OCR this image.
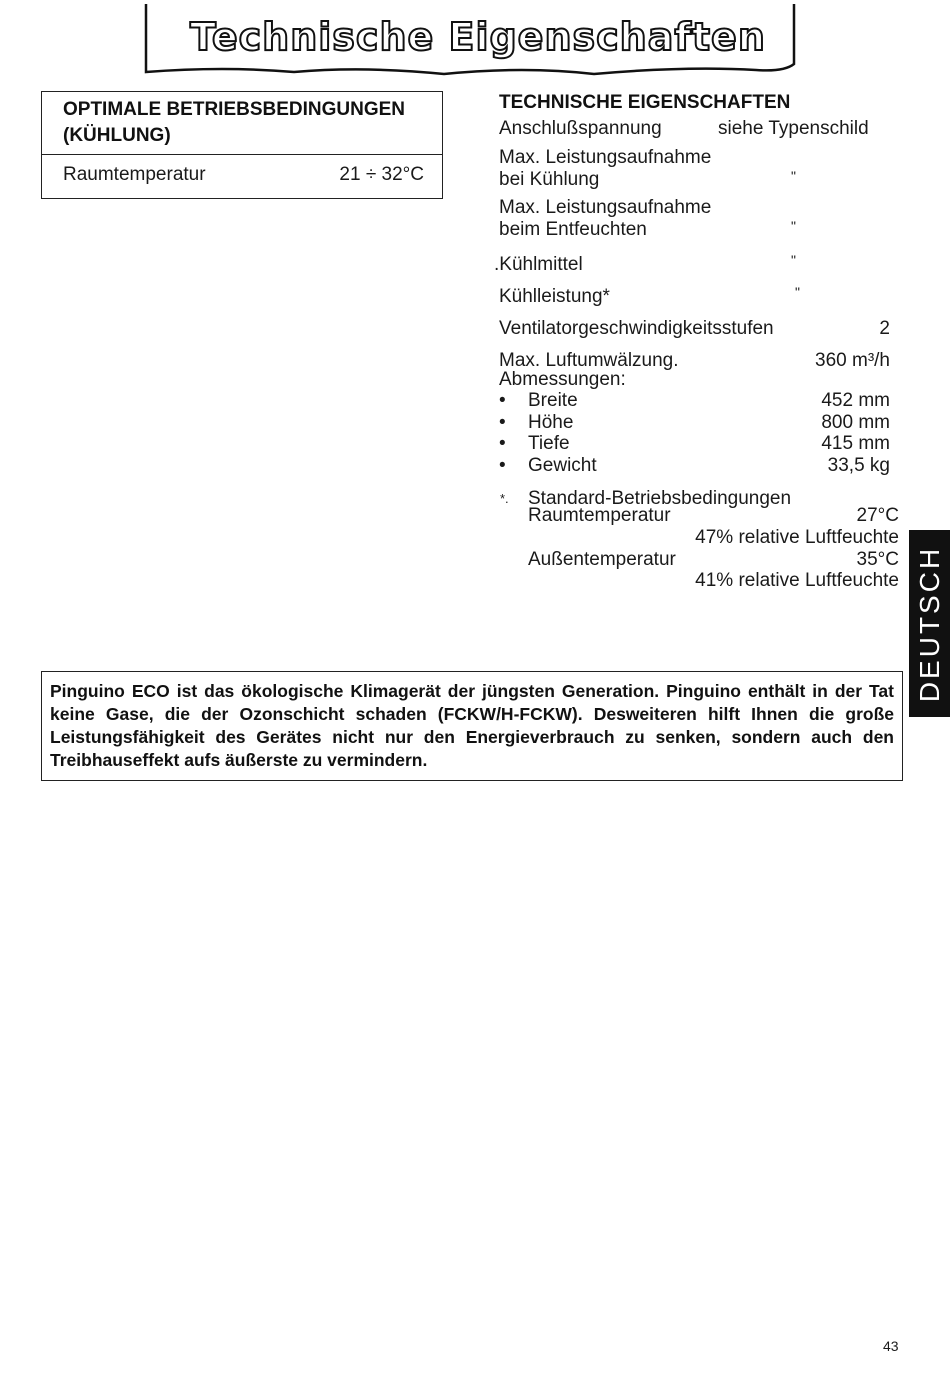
Technische Eigenschaften
OPTIMALE BETRIEBSBEDINGUNGEN (KÜHLUNG)
Raumtemperatur	21 ÷ 32°C
TECHNISCHE EIGENSCHAFTEN
Anschlußspannung	siehe Typenschild
Max. Leistungsaufnahme
bei Kühlung	"
Max. Leistungsaufnahme
beim Entfeuchten	"
.Kühlmittel	"
Kühlleistung*	"
Ventilatorgeschwindigkeitsstufen	2
Max. Luftumwälzung.	360 m³/h
Abmessungen:
• Breite	452 mm
• Höhe	800 mm
• Tiefe	415 mm
• Gewicht	33,5 kg
*. Standard-Betriebsbedingungen
Raumtemperatur	27°C
47% relative Luftfeuchte
Außentemperatur	35°C
41% relative Luftfeuchte DEUTSCH

Pinguino ECO ist das ökologische Klimagerät der jüngsten Generation. Pinguino enthält in der Tat keine Gase, die der Ozonschicht schaden (FCKW/H-FCKW). Desweiteren hilft Ihnen die große Leistungsfähigkeit des Gerätes nicht nur den Energieverbrauch zu senken, sondern auch den Treibhauseffekt aufs äußerste zu vermindern.

43
